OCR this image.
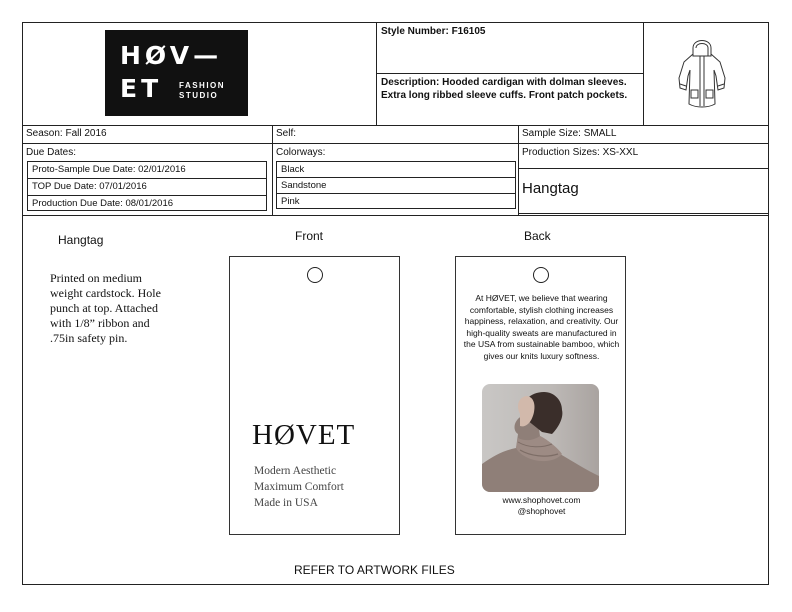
HØV—
ET FASHION
STUDIO
Style Number: F16105
Description: Hooded cardigan with dolman sleeves. Extra long ribbed sleeve cuffs. Front patch pockets.
Season: Fall 2016	Self:	Sample Size: SMALL
Due Dates:
Proto-Sample Due Date: 02/01/2016
TOP Due Date: 07/01/2016
Production Due Date: 08/01/2016
Colorways:
Black
Sandstone
Pink
Production Sizes: XS-XXL
Hangtag
Hangtag	Front	Back
Printed on medium weight cardstock. Hole punch at top. Attached with 1/8” ribbon and .75in safety pin.
HØVET
Modern Aesthetic
Maximum Comfort
Made in USA
At HØVET, we believe that wearing comfortable, stylish clothing increases happiness, relaxation, and creativity. Our high-quality sweats are manufactured in the USA from sustainable bamboo, which gives our knits luxury softness.
www.shophovet.com
@shophovet
REFER TO ARTWORK FILES
